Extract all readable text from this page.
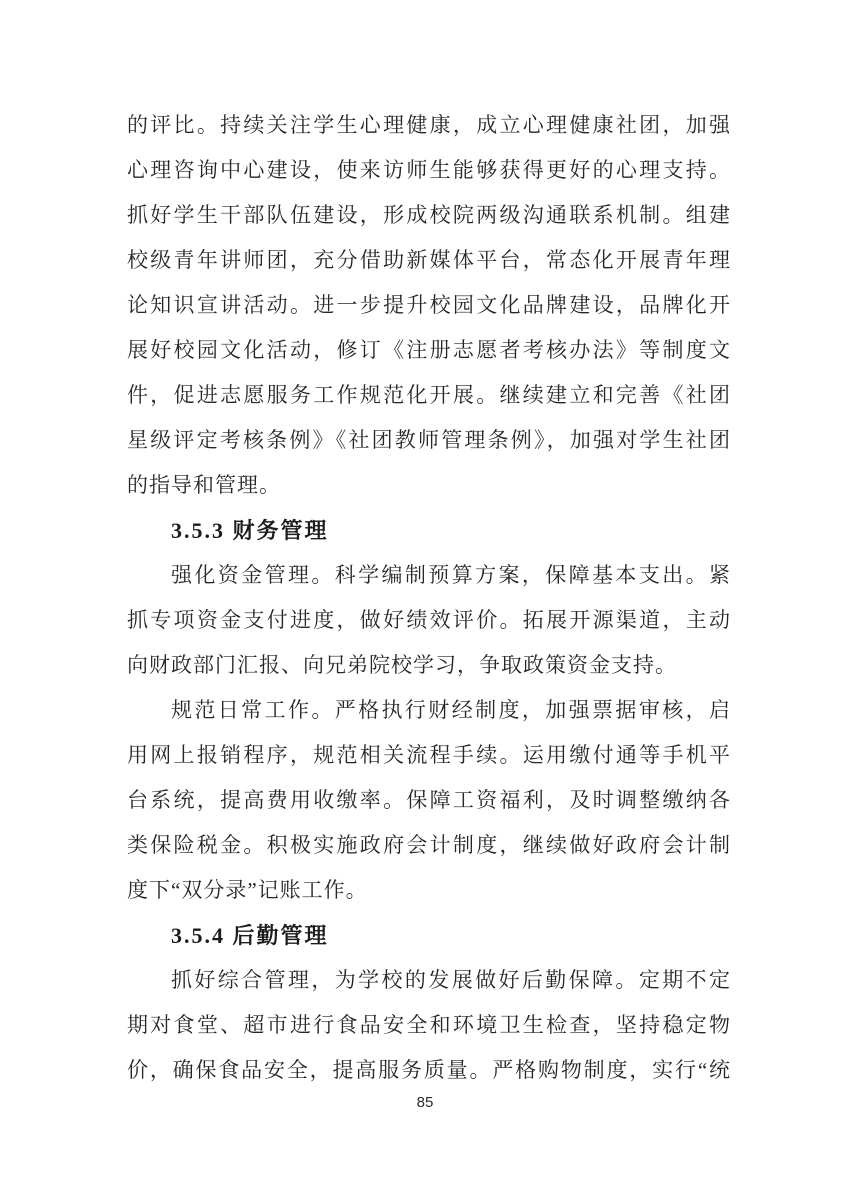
的评比。持续关注学生心理健康，成立心理健康社团，加强
心理咨询中心建设，使来访师生能够获得更好的心理支持。
抓好学生干部队伍建设，形成校院两级沟通联系机制。组建
校级青年讲师团，充分借助新媒体平台，常态化开展青年理
论知识宣讲活动。进一步提升校园文化品牌建设，品牌化开
展好校园文化活动，修订《注册志愿者考核办法》等制度文
件，促进志愿服务工作规范化开展。继续建立和完善《社团
星级评定考核条例》《社团教师管理条例》，加强对学生社团
的指导和管理。
3.5.3 财务管理
强化资金管理。科学编制预算方案，保障基本支出。紧
抓专项资金支付进度，做好绩效评价。拓展开源渠道，主动
向财政部门汇报、向兄弟院校学习，争取政策资金支持。
规范日常工作。严格执行财经制度，加强票据审核，启
用网上报销程序，规范相关流程手续。运用缴付通等手机平
台系统，提高费用收缴率。保障工资福利，及时调整缴纳各
类保险税金。积极实施政府会计制度，继续做好政府会计制
度下“双分录”记账工作。
3.5.4 后勤管理
抓好综合管理，为学校的发展做好后勤保障。定期不定
期对食堂、超市进行食品安全和环境卫生检查，坚持稳定物
价，确保食品安全，提高服务质量。严格购物制度，实行“统
85
